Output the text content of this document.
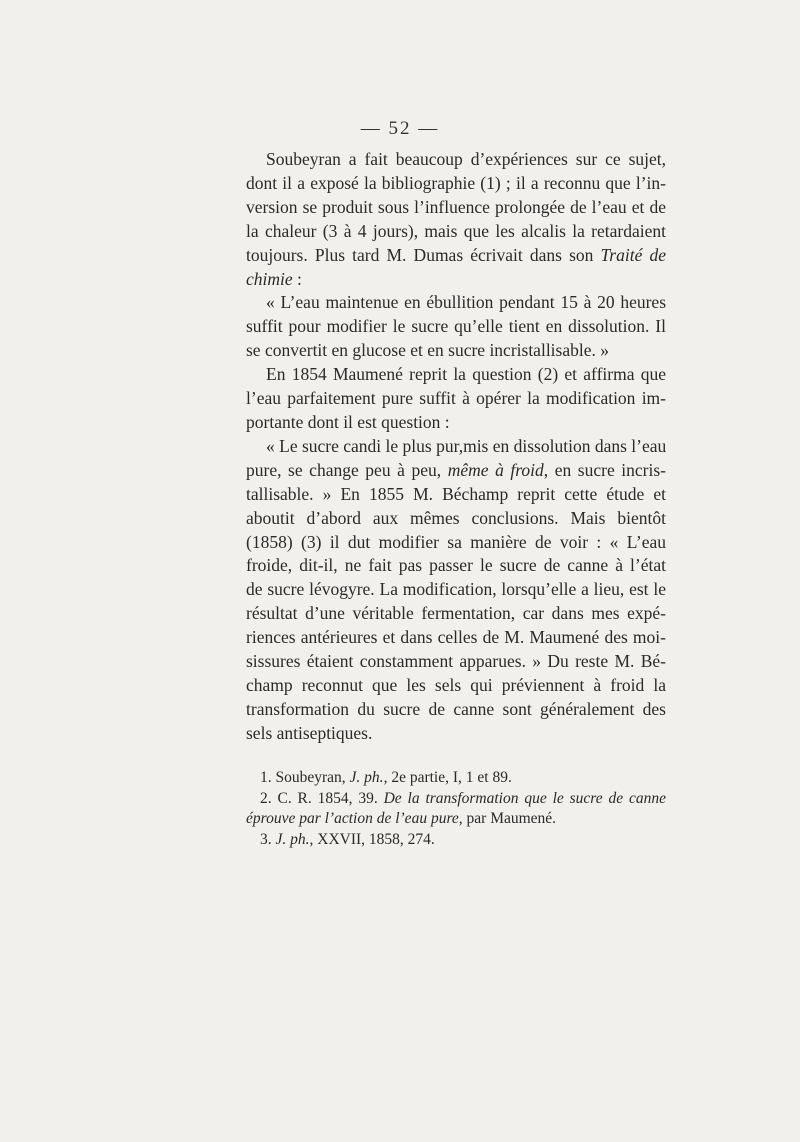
— 52 —

Soubeyran a fait beaucoup d’expériences sur ce sujet,
dont il a exposé la bibliographie (1) ; il a reconnu que l’in-
version se produit sous l’influence prolongée de l’eau et de
la chaleur (3 à 4 jours), mais que les alcalis la retardaient
toujours. Plus tard M. Dumas écrivait dans son Traité de
chimie :

« L’eau maintenue en ébullition pendant 15 à 20 heures
suffit pour modifier le sucre qu’elle tient en dissolution. Il
se convertit en glucose et en sucre incristallisable. »

En 1854 Maumené reprit la question (2) et affirma que
l’eau parfaitement pure suffit à opérer la modification im-
portante dont il est question :

« Le sucre candi le plus pur,mis en dissolution dans l’eau
pure, se change peu à peu, même à froid, en sucre incris-
tallisable. » En 1855 M. Béchamp reprit cette étude et
aboutit d’abord aux mêmes conclusions. Mais bientôt
(1858) (3) il dut modifier sa manière de voir : « L’eau
froide, dit-il, ne fait pas passer le sucre de canne à l’état
de sucre lévogyre. La modification, lorsqu’elle a lieu, est le
résultat d’une véritable fermentation, car dans mes expé-
riences antérieures et dans celles de M. Maumené des moi-
sissures étaient constamment apparues. » Du reste M. Bé-
champ reconnut que les sels qui préviennent à froid la
transformation du sucre de canne sont généralement des
sels antiseptiques.

1. Soubeyran, J. ph., 2e partie, I, 1 et 89.
2. C. R. 1854, 39. De la transformation que le sucre de canne
éprouve par l’action de l’eau pure, par Maumené.
3. J. ph., XXVII, 1858, 274.
